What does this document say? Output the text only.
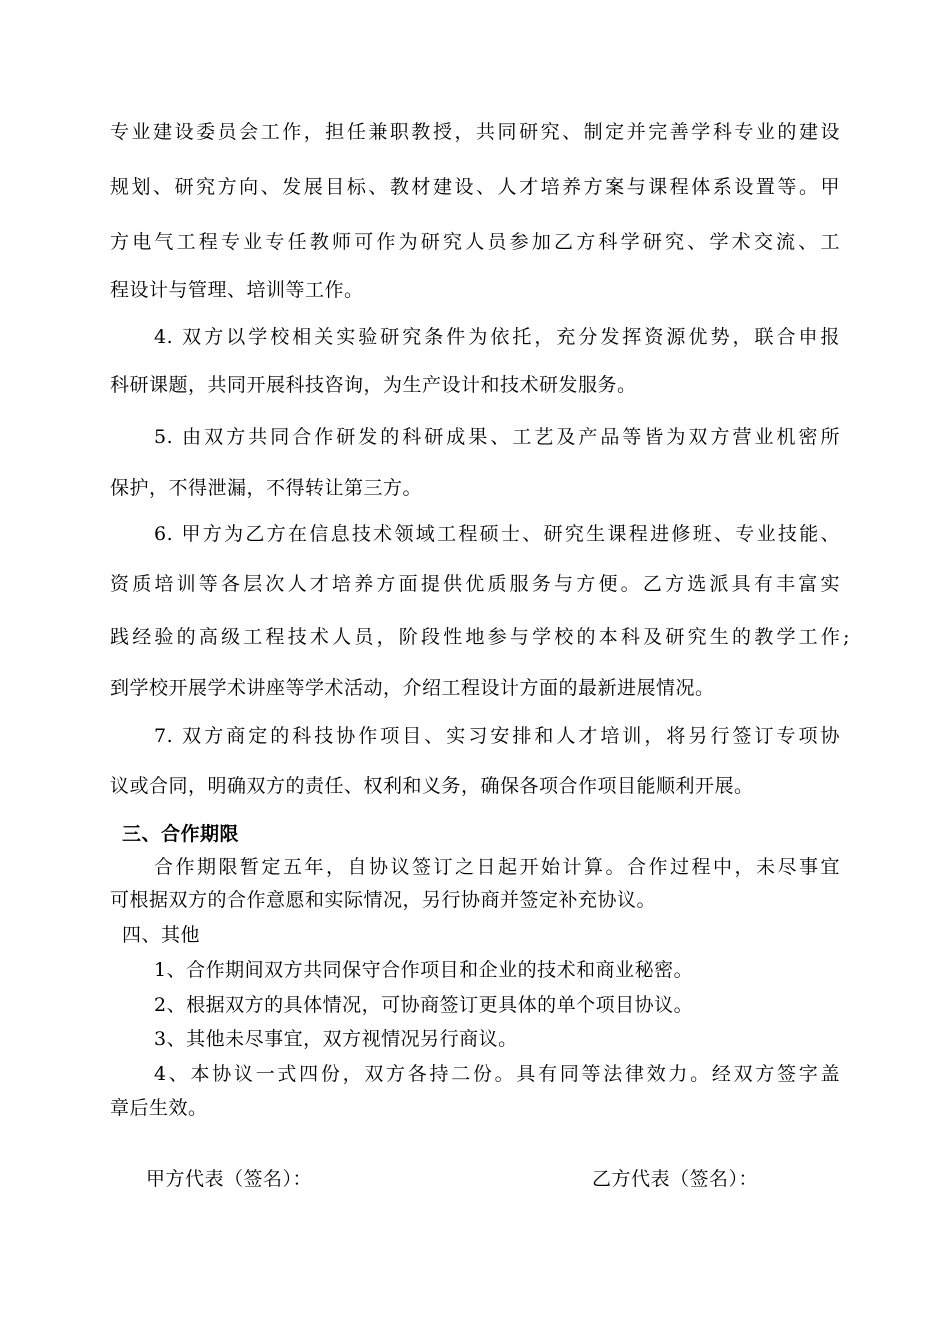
专业建设委员会工作，担任兼职教授，共同研究、制定并完善学科专业的建设
规划、研究方向、发展目标、教材建设、人才培养方案与课程体系设置等。甲
方电气工程专业专任教师可作为研究人员参加乙方科学研究、学术交流、工
程设计与管理、培训等工作。
4. 双方以学校相关实验研究条件为依托，充分发挥资源优势，联合申报
科研课题，共同开展科技咨询，为生产设计和技术研发服务。
5. 由双方共同合作研发的科研成果、工艺及产品等皆为双方营业机密所
保护，不得泄漏，不得转让第三方。
6. 甲方为乙方在信息技术领域工程硕士、研究生课程进修班、专业技能、
资质培训等各层次人才培养方面提供优质服务与方便。乙方选派具有丰富实
践经验的高级工程技术人员，阶段性地参与学校的本科及研究生的教学工作;
到学校开展学术讲座等学术活动，介绍工程设计方面的最新进展情况。
7. 双方商定的科技协作项目、实习安排和人才培训，将另行签订专项协
议或合同，明确双方的责任、权利和义务，确保各项合作项目能顺利开展。
三、合作期限
合作期限暂定五年，自协议签订之日起开始计算。合作过程中，未尽事宜
可根据双方的合作意愿和实际情况，另行协商并签定补充协议。
四、其他
1、合作期间双方共同保守合作项目和企业的技术和商业秘密。
2、根据双方的具体情况，可协商签订更具体的单个项目协议。
3、其他未尽事宜，双方视情况另行商议。
4、本协议一式四份，双方各持二份。具有同等法律效力。经双方签字盖
章后生效。
甲方代表（签名）：	乙方代表（签名）：
